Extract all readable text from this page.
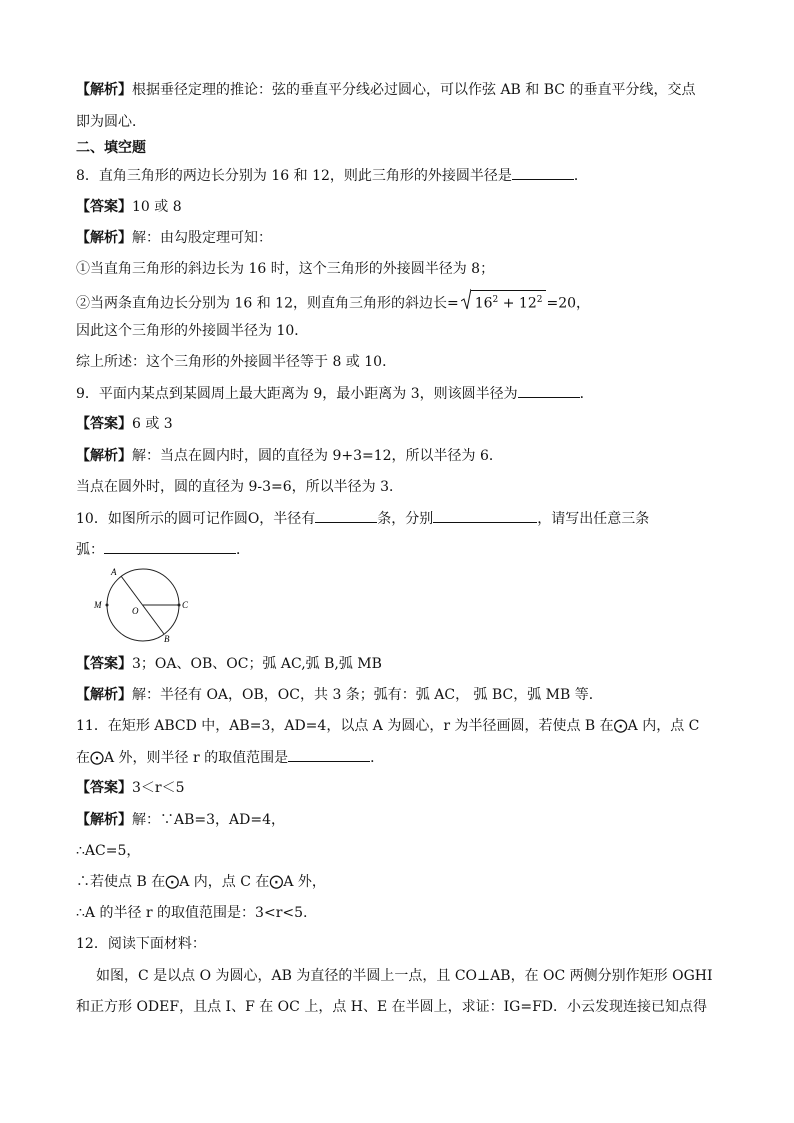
【解析】根据垂径定理的推论：弦的垂直平分线必过圆心，可以作弦 AB 和 BC 的垂直平分线，交点
即为圆心．
二、填空题
8．直角三角形的两边长分别为 16 和 12，则此三角形的外接圆半径是	．
【答案】10 或 8
【解析】解：由勾股定理可知：
①当直角三角形的斜边长为 16 时，这个三角形的外接圆半径为 8；
②当两条直角边长分别为 16 和 12，则直角三角形的斜边长= $16^2 + 12^2 =20$，
因此这个三角形的外接圆半径为 10．
综上所述：这个三角形的外接圆半径等于 8 或 10．
9．平面内某点到某圆周上最大距离为 9，最小距离为 3，则该圆半径为	．
【答案】6 或 3
【解析】解：当点在圆内时，圆的直径为 9+3=12，所以半径为 6．
当点在圆外时，圆的直径为 9-3=6，所以半径为 3．
10．如图所示的圆可记作圆O，半径有	条，分别	，请写出任意三条
弧：	．
A
M
O
C
B
【答案】3；OA、OB、OC；弧 AC,弧 B,弧 MB
【解析】解：半径有 OA，OB，OC，共 3 条；弧有：弧 AC， 弧 BC，弧 MB 等．
11．在矩形 ABCD 中，AB=3，AD=4，以点 A 为圆心，r 为半径画圆，若使点 B 在⨀A 内，点 C
在⨀A 外，则半径 r 的取值范围是	．
【答案】3＜r＜5
【解析】解：∵AB=3，AD=4，
∴AC=5，
∴若使点 B 在⨀A 内，点 C 在⨀A 外，
∴A 的半径 r 的取值范围是：3<r<5.
12．阅读下面材料：
如图，C 是以点 O 为圆心，AB 为直径的半圆上一点，且 CO⊥AB，在 OC 两侧分别作矩形 OGHI
和正方形 ODEF，且点 I、F 在 OC 上，点 H、E 在半圆上，求证：IG=FD．小云发现连接已知点得
